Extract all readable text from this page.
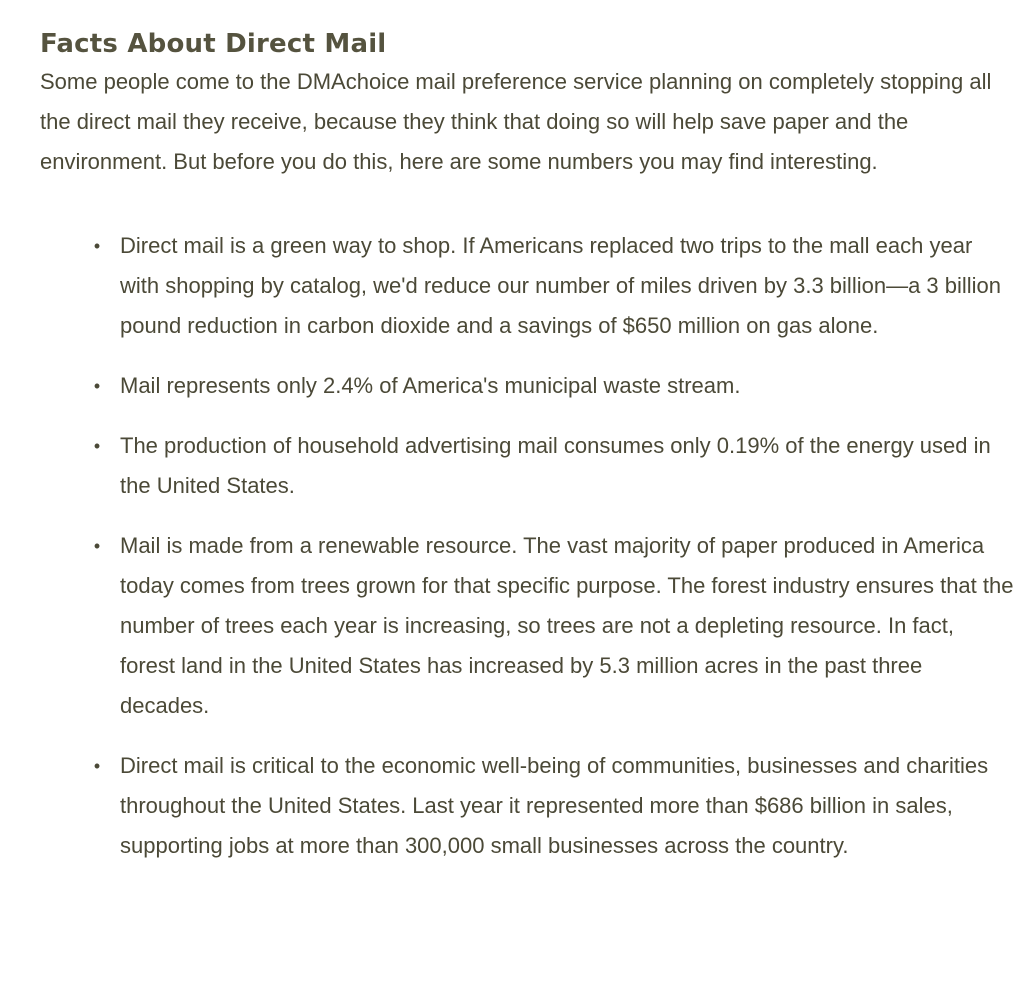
Facts About Direct Mail

Some people come to the DMAchoice mail preference service planning on completely stopping all the direct mail they receive, because they think that doing so will help save paper and the environment. But before you do this, here are some numbers you may find interesting.

• Direct mail is a green way to shop. If Americans replaced two trips to the mall each year with shopping by catalog, we'd reduce our number of miles driven by 3.3 billion—a 3 billion pound reduction in carbon dioxide and a savings of $650 million on gas alone.
• Mail represents only 2.4% of America's municipal waste stream.
• The production of household advertising mail consumes only 0.19% of the energy used in the United States.
• Mail is made from a renewable resource. The vast majority of paper produced in America today comes from trees grown for that specific purpose. The forest industry ensures that the number of trees each year is increasing, so trees are not a depleting resource. In fact, forest land in the United States has increased by 5.3 million acres in the past three decades.
• Direct mail is critical to the economic well-being of communities, businesses and charities throughout the United States. Last year it represented more than $686 billion in sales, supporting jobs at more than 300,000 small businesses across the country.
